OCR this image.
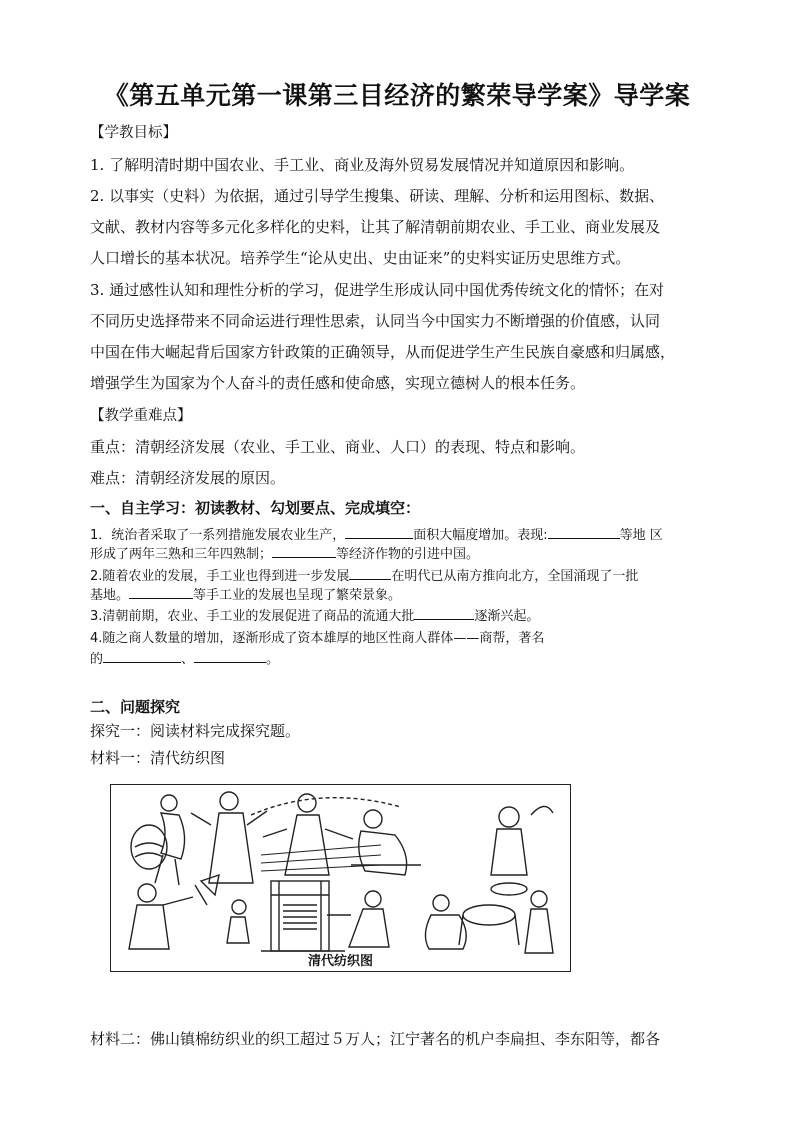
《第五单元第一课第三目经济的繁荣导学案》导学案
【学教目标】
1. 了解明清时期中国农业、手工业、商业及海外贸易发展情况并知道原因和影响。
2. 以事实（史料）为依据，通过引导学生搜集、研读、理解、分析和运用图标、数据、
文献、教材内容等多元化多样化的史料，让其了解清朝前期农业、手工业、商业发展及
人口增长的基本状况。培养学生“论从史出、史由证来”的史料实证历史思维方式。
3. 通过感性认知和理性分析的学习，促进学生形成认同中国优秀传统文化的情怀；在对
不同历史选择带来不同命运进行理性思索，认同当今中国实力不断增强的价值感，认同
中国在伟大崛起背后国家方针政策的正确领导，从而促进学生产生民族自豪感和归属感，
增强学生为国家为个人奋斗的责任感和使命感，实现立德树人的根本任务。
【教学重难点】
重点：清朝经济发展（农业、手工业、商业、人口）的表现、特点和影响。
难点：清朝经济发展的原因。
一、自主学习：初读教材、勾划要点、完成填空：
1．统治者采取了一系列措施发展农业生产，	面积大幅度增加。表现:	等地 区
形成了两年三熟和三年四熟制；	等经济作物的引进中国。
2.随着农业的发展，手工业也得到进一步发展	在明代已从南方推向北方，全国涌现了一批
基地。	等手工业的发展也呈现了繁荣景象。
3.清朝前期，农业、手工业的发展促进了商品的流通大批	逐渐兴起。
4.随之商人数量的增加，逐渐形成了资本雄厚的地区性商人群体——商帮，著名
的	、	。
二、问题探究
探究一：阅读材料完成探究题。
材料一：清代纺织图
清代纺织图
材料二：佛山镇棉纺织业的织工超过５万人；江宁著名的机户李扁担、李东阳等，都各
